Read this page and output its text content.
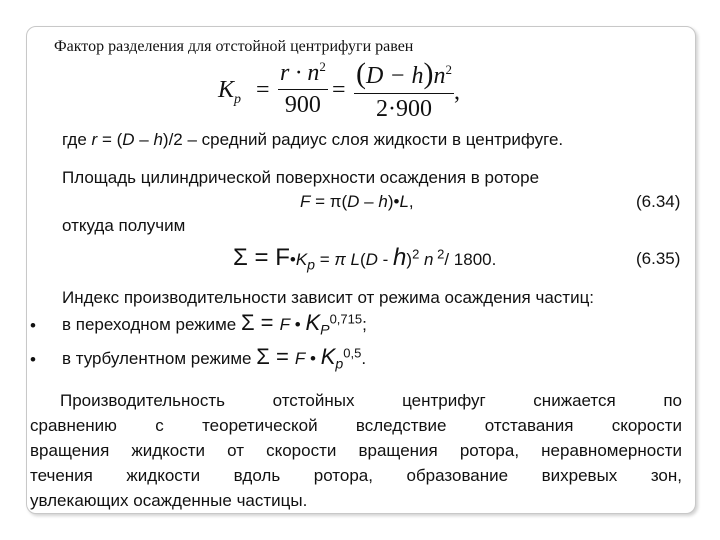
Фактор разделения для отстойной центрифуги равен
$K_p$ =
$r \cdot n^2$
900
= $(D - h)n^2$
2·900
,
где r = (D – h)/2 – средний радиус слоя жидкости в центрифуге.
Площадь цилиндрической поверхности осаждения в роторе
F = π(D – h)•L,	(6.34)
откуда получим
$\Sigma = F•K_p = \pi$ L(D - h)$^2$ n $^2$/ 1800.	(6.35)
Индекс производительности зависит от режима осаждения частиц:
• в переходном режиме Σ = F • $K_P^{0,715}$;
• в турбулентном режиме Σ = F • $K_p^{0,5}$.
Производительность отстойных центрифуг снижается по
сравнению с теоретической вследствие отставания скорости
вращения жидкости от скорости вращения ротора, неравномерности
течения жидкости вдоль ротора, образование вихревых зон,
увлекающих осажденные частицы.
